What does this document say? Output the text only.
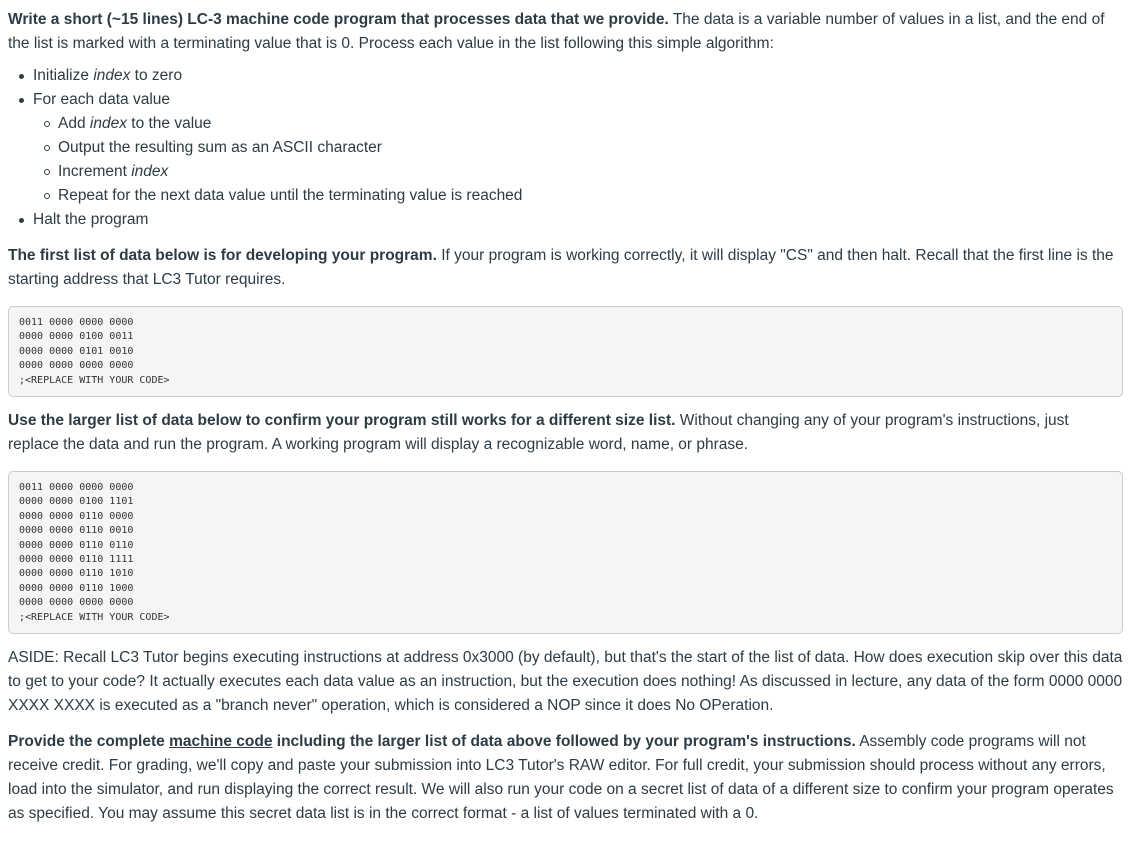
Write a short (~15 lines) LC-3 machine code program that processes data that we provide. The data is a variable number of values in a list, and the end of the list is marked with a terminating value that is 0. Process each value in the list following this simple algorithm:

Initialize index to zero
For each data value
Add index to the value
Output the resulting sum as an ASCII character
Increment index
Repeat for the next data value until the terminating value is reached
Halt the program

The first list of data below is for developing your program. If your program is working correctly, it will display "CS" and then halt. Recall that the first line is the starting address that LC3 Tutor requires.

0011 0000 0000 0000
0000 0000 0100 0011
0000 0000 0101 0010
0000 0000 0000 0000
;<REPLACE WITH YOUR CODE>

Use the larger list of data below to confirm your program still works for a different size list. Without changing any of your program's instructions, just replace the data and run the program. A working program will display a recognizable word, name, or phrase.

0011 0000 0000 0000
0000 0000 0100 1101
0000 0000 0110 0000
0000 0000 0110 0010
0000 0000 0110 0110
0000 0000 0110 1111
0000 0000 0110 1010
0000 0000 0110 1000
0000 0000 0000 0000
;<REPLACE WITH YOUR CODE>

ASIDE: Recall LC3 Tutor begins executing instructions at address 0x3000 (by default), but that's the start of the list of data. How does execution skip over this data to get to your code? It actually executes each data value as an instruction, but the execution does nothing! As discussed in lecture, any data of the form 0000 0000 XXXX XXXX is executed as a "branch never" operation, which is considered a NOP since it does No OPeration.

Provide the complete machine code including the larger list of data above followed by your program's instructions. Assembly code programs will not receive credit. For grading, we'll copy and paste your submission into LC3 Tutor's RAW editor. For full credit, your submission should process without any errors, load into the simulator, and run displaying the correct result. We will also run your code on a secret list of data of a different size to confirm your program operates as specified. You may assume this secret data list is in the correct format - a list of values terminated with a 0.
